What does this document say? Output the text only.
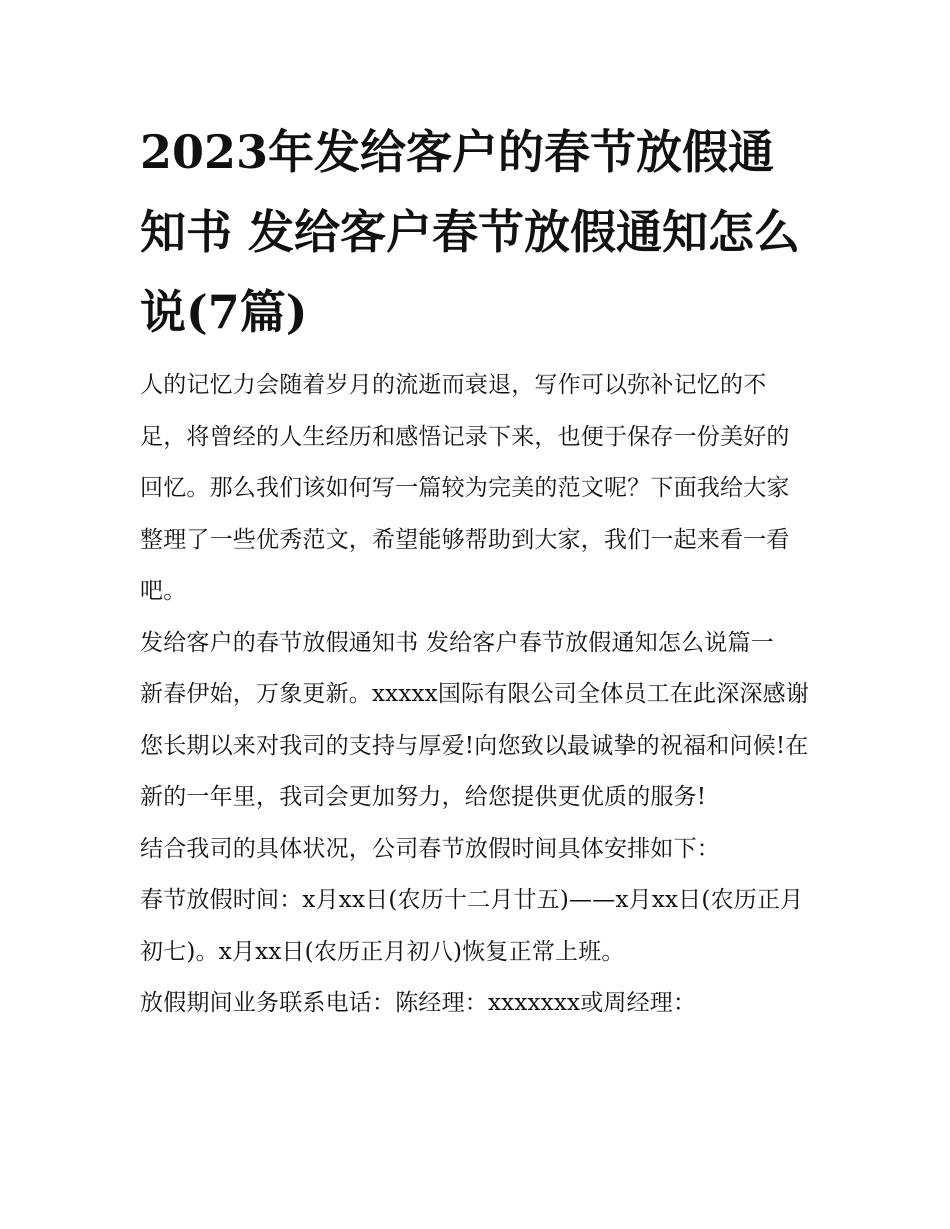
2023年发给客户的春节放假通知书 发给客户春节放假通知怎么说(7篇)

人的记忆力会随着岁月的流逝而衰退，写作可以弥补记忆的不足，将曾经的人生经历和感悟记录下来，也便于保存一份美好的回忆。那么我们该如何写一篇较为完美的范文呢？下面我给大家整理了一些优秀范文，希望能够帮助到大家，我们一起来看一看吧。

发给客户的春节放假通知书 发给客户春节放假通知怎么说篇一

新春伊始，万象更新。xxxxx国际有限公司全体员工在此深深感谢您长期以来对我司的支持与厚爱!向您致以最诚挚的祝福和问候!在新的一年里，我司会更加努力，给您提供更优质的服务!

结合我司的具体状况，公司春节放假时间具体安排如下：

春节放假时间：x月xx日(农历十二月廿五)——x月xx日(农历正月初七)。x月xx日(农历正月初八)恢复正常上班。

放假期间业务联系电话：陈经理：xxxxxxx或周经理：
